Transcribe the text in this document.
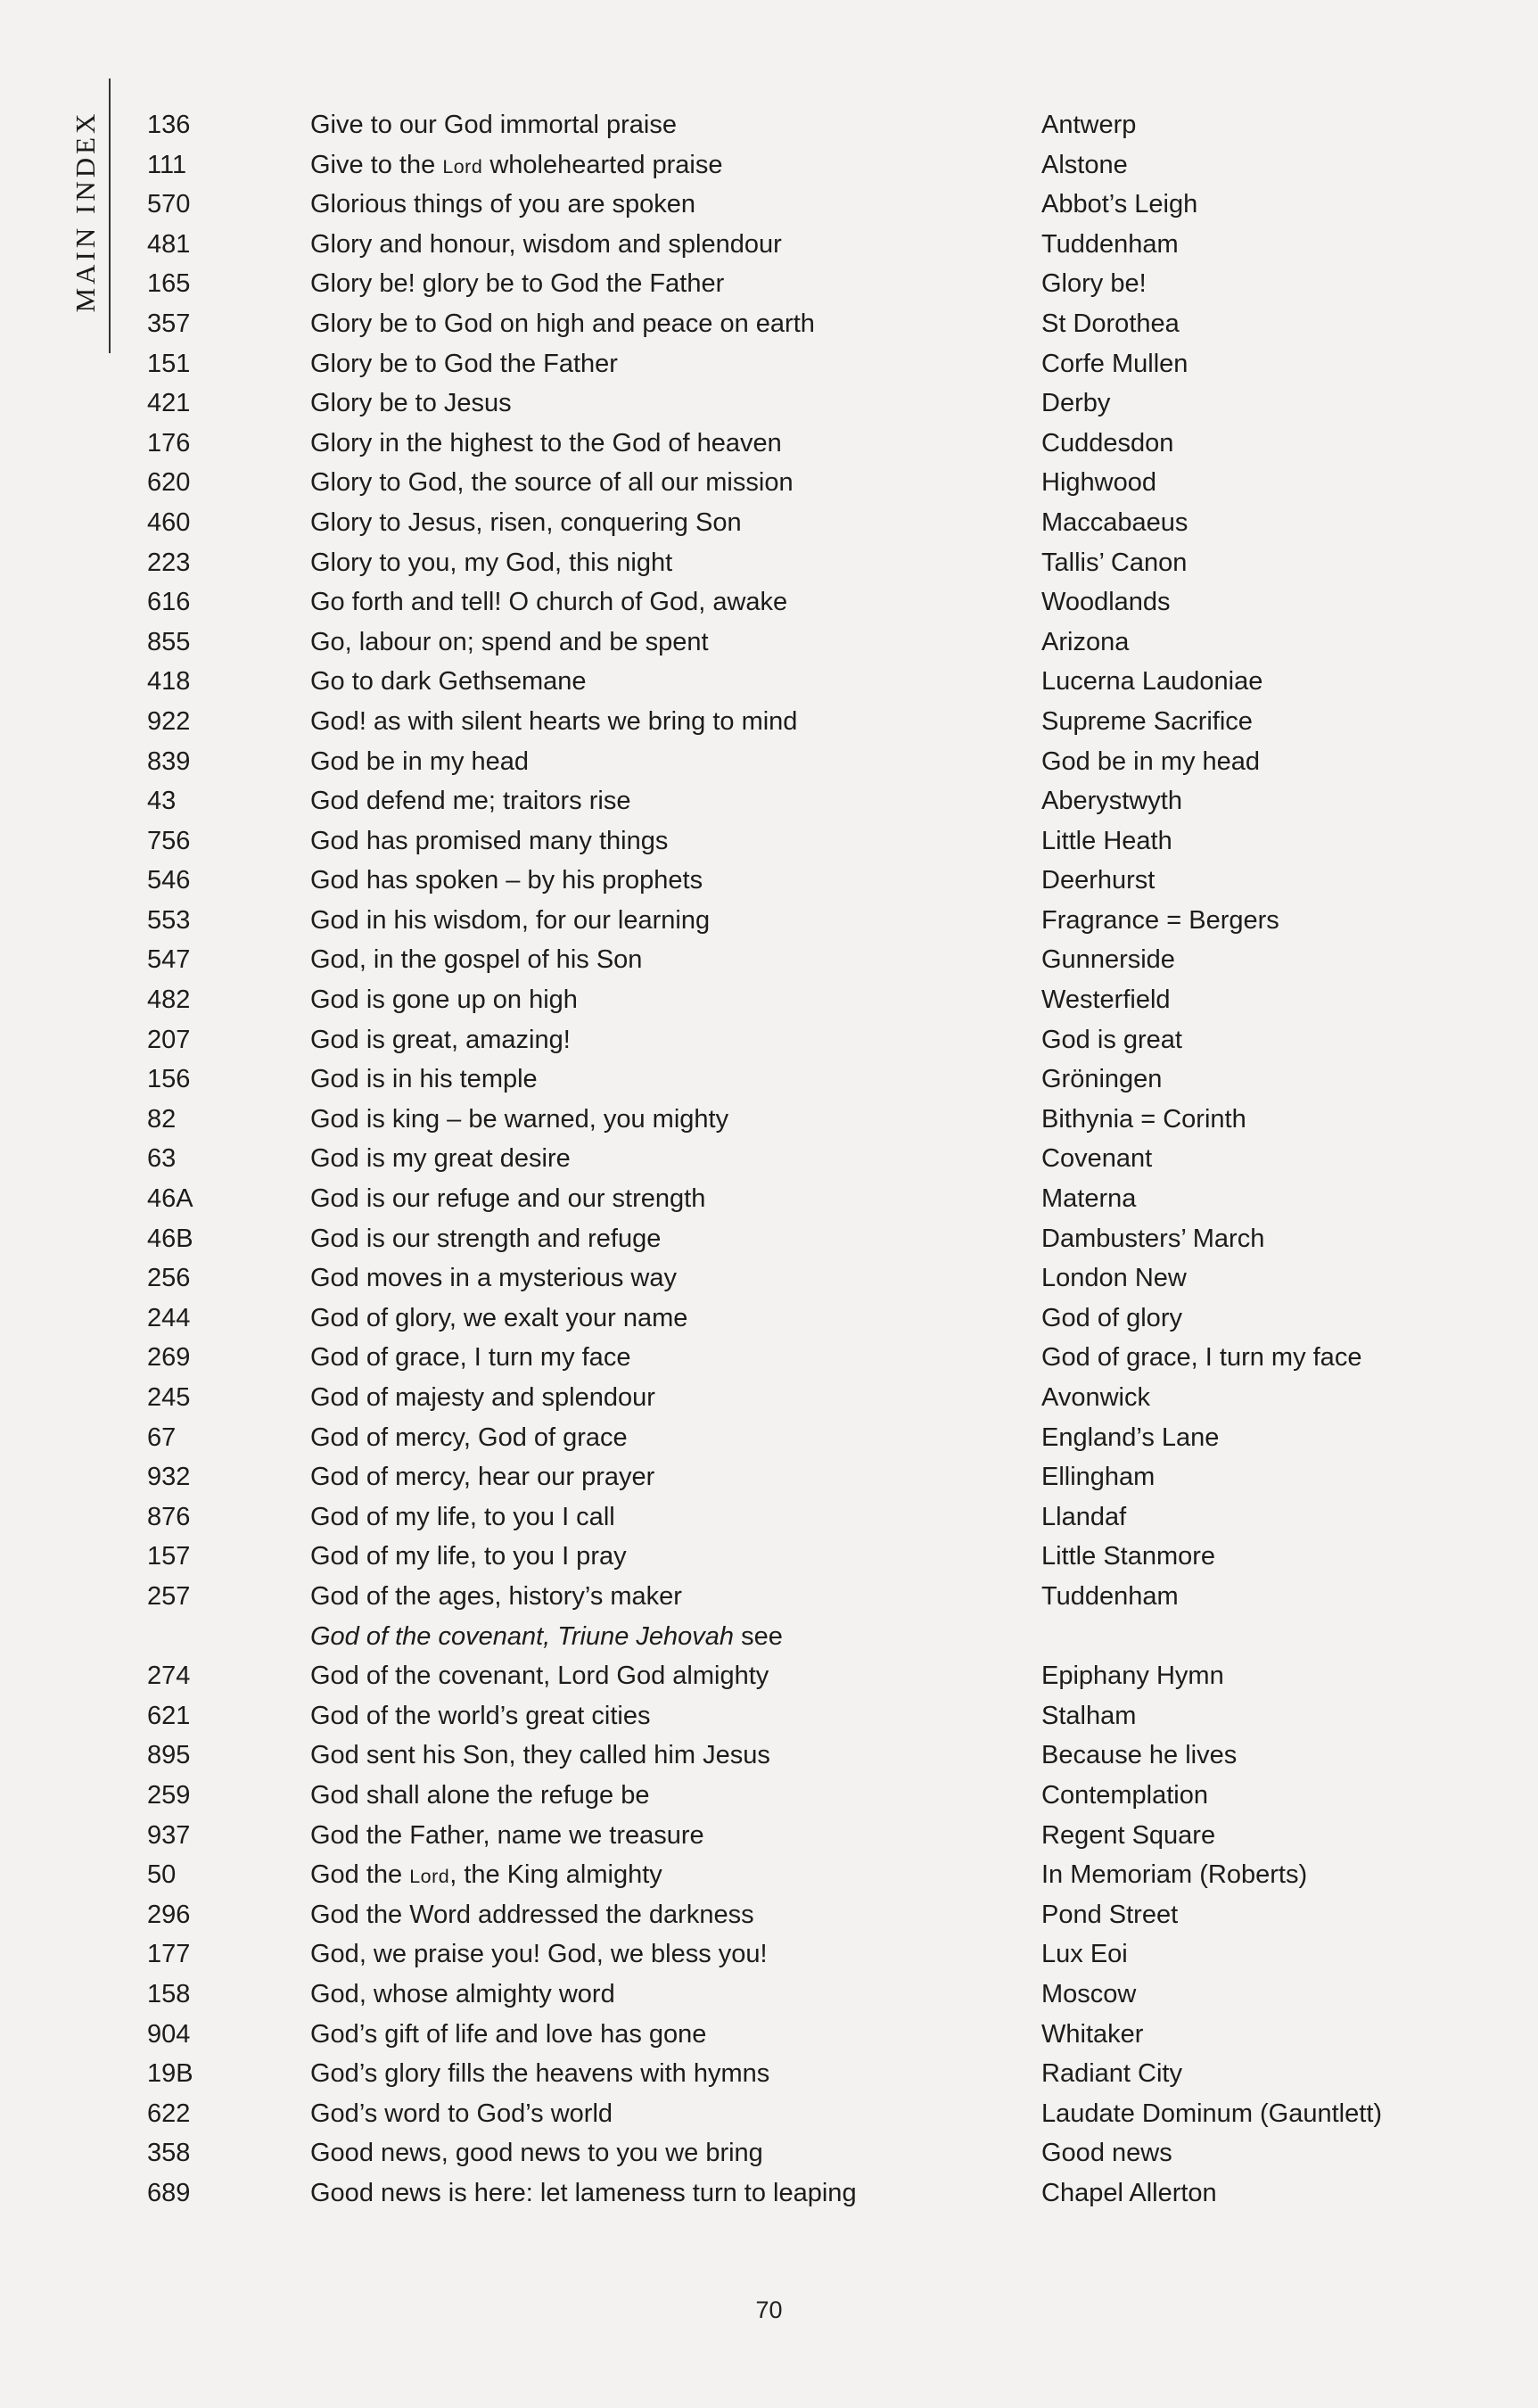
MAIN INDEX 136	Give to our God immortal praise	Antwerp
111	Give to the Lord wholehearted praise	Alstone
570	Glorious things of you are spoken	Abbot’s Leigh
481	Glory and honour, wisdom and splendour	Tuddenham
165	Glory be! glory be to God the Father	Glory be!
357	Glory be to God on high and peace on earth	St Dorothea
151	Glory be to God the Father	Corfe Mullen
421	Glory be to Jesus	Derby
176	Glory in the highest to the God of heaven	Cuddesdon
620	Glory to God, the source of all our mission	Highwood
460	Glory to Jesus, risen, conquering Son	Maccabaeus
223	Glory to you, my God, this night	Tallis’ Canon
616	Go forth and tell! O church of God, awake	Woodlands
855	Go, labour on; spend and be spent	Arizona
418	Go to dark Gethsemane	Lucerna Laudoniae
922	God! as with silent hearts we bring to mind	Supreme Sacrifice
839	God be in my head	God be in my head
43	God defend me; traitors rise	Aberystwyth
756	God has promised many things	Little Heath
546	God has spoken – by his prophets	Deerhurst
553	God in his wisdom, for our learning	Fragrance = Bergers
547	God, in the gospel of his Son	Gunnerside
482	God is gone up on high	Westerfield
207	God is great, amazing!	God is great
156	God is in his temple	Gröningen
82	God is king – be warned, you mighty	Bithynia = Corinth
63	God is my great desire	Covenant
46A	God is our refuge and our strength	Materna
46B	God is our strength and refuge	Dambusters’ March
256	God moves in a mysterious way	London New
244	God of glory, we exalt your name	God of glory
269	God of grace, I turn my face	God of grace, I turn my face
245	God of majesty and splendour	Avonwick
67	God of mercy, God of grace	England’s Lane
932	God of mercy, hear our prayer	Ellingham
876	God of my life, to you I call	Llandaf
157	God of my life, to you I pray	Little Stanmore
257	God of the ages, history’s maker	Tuddenham
God of the covenant, Triune Jehovah see
274	God of the covenant, Lord God almighty	Epiphany Hymn
621	God of the world’s great cities	Stalham
895	God sent his Son, they called him Jesus	Because he lives
259	God shall alone the refuge be	Contemplation
937	God the Father, name we treasure	Regent Square
50	God the Lord, the King almighty	In Memoriam (Roberts)
296	God the Word addressed the darkness	Pond Street
177	God, we praise you! God, we bless you!	Lux Eoi
158	God, whose almighty word	Moscow
904	God’s gift of life and love has gone	Whitaker
19B	God’s glory fills the heavens with hymns	Radiant City
622	God’s word to God’s world	Laudate Dominum (Gauntlett)
358	Good news, good news to you we bring	Good news
689	Good news is here: let lameness turn to leaping	Chapel Allerton
70
